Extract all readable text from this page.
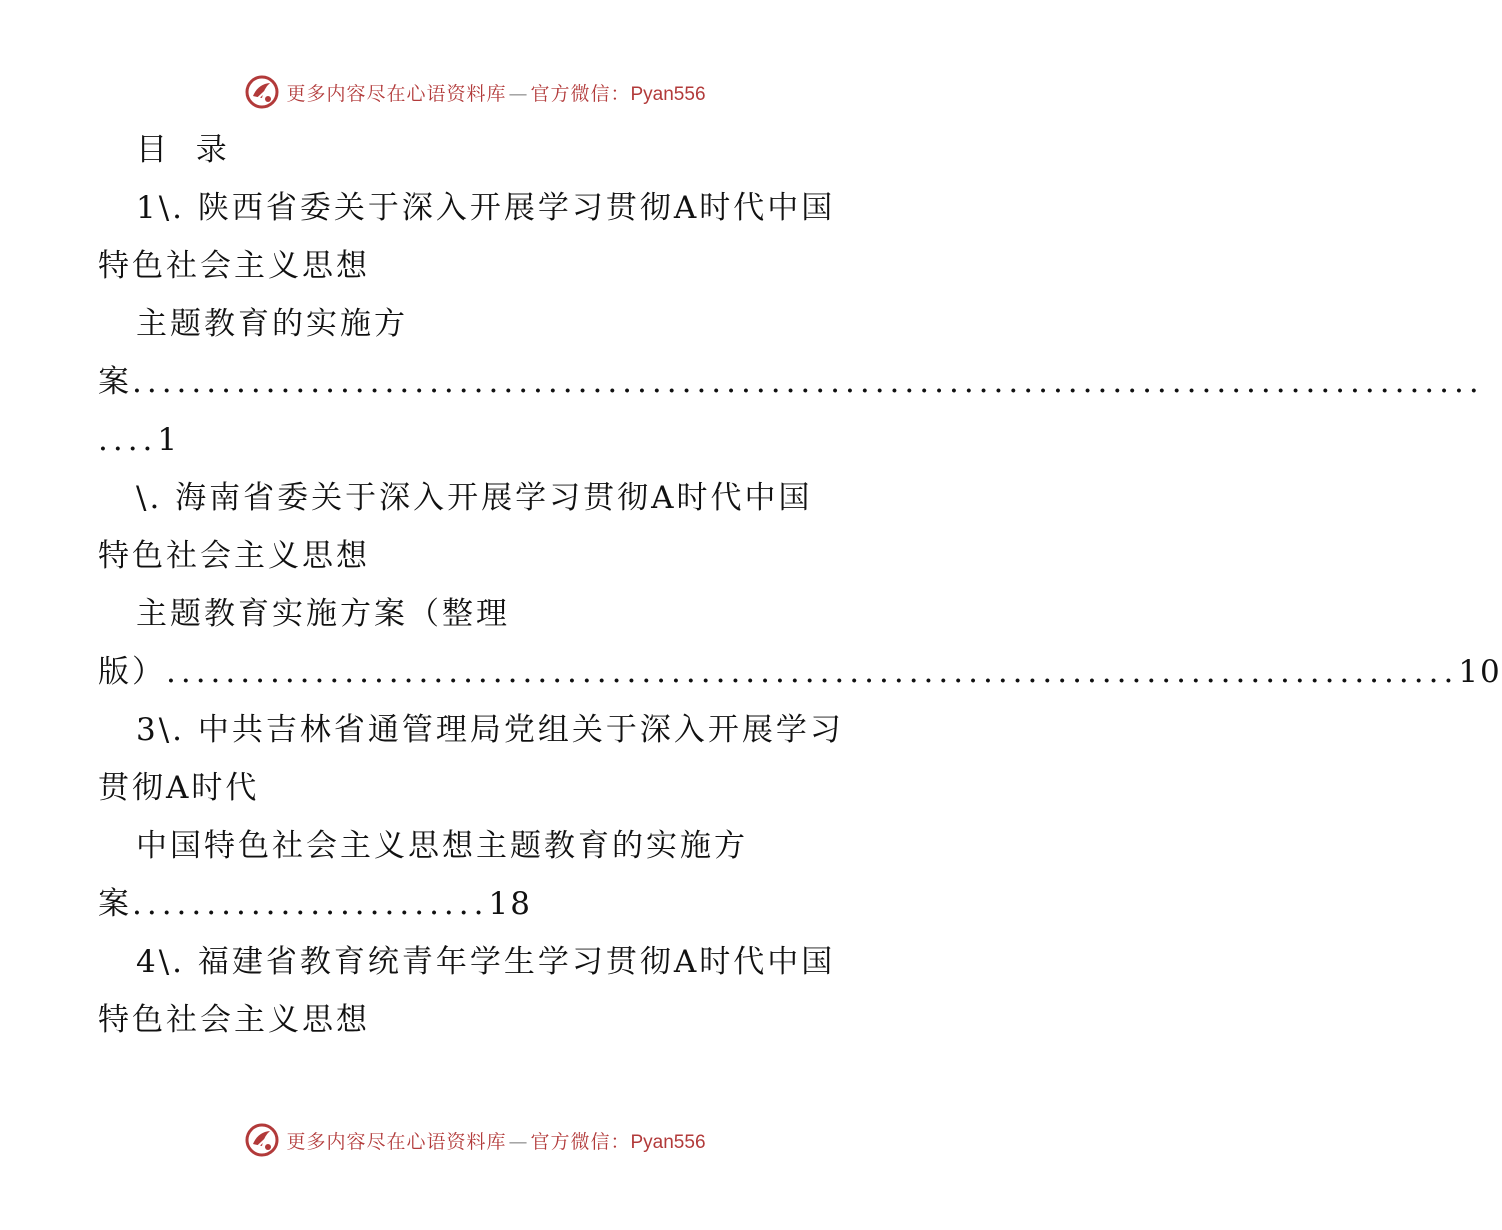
更多内容尽在心语资料库 — 官方微信：Pyan556
目  录
1\. 陕西省委关于深入开展学习贯彻A时代中国
特色社会主义思想
主题教育的实施方
案 ...........................................................................................
....1
\. 海南省委关于深入开展学习贯彻A时代中国
特色社会主义思想
主题教育实施方案（整理
版） ....................................................................................... 10
3\. 中共吉林省通管理局党组关于深入开展学习
贯彻A时代
中国特色社会主义思想主题教育的实施方
案 ........................ 18
4\. 福建省教育统青年学生学习贯彻A时代中国
特色社会主义思想
更多内容尽在心语资料库 — 官方微信：Pyan556
